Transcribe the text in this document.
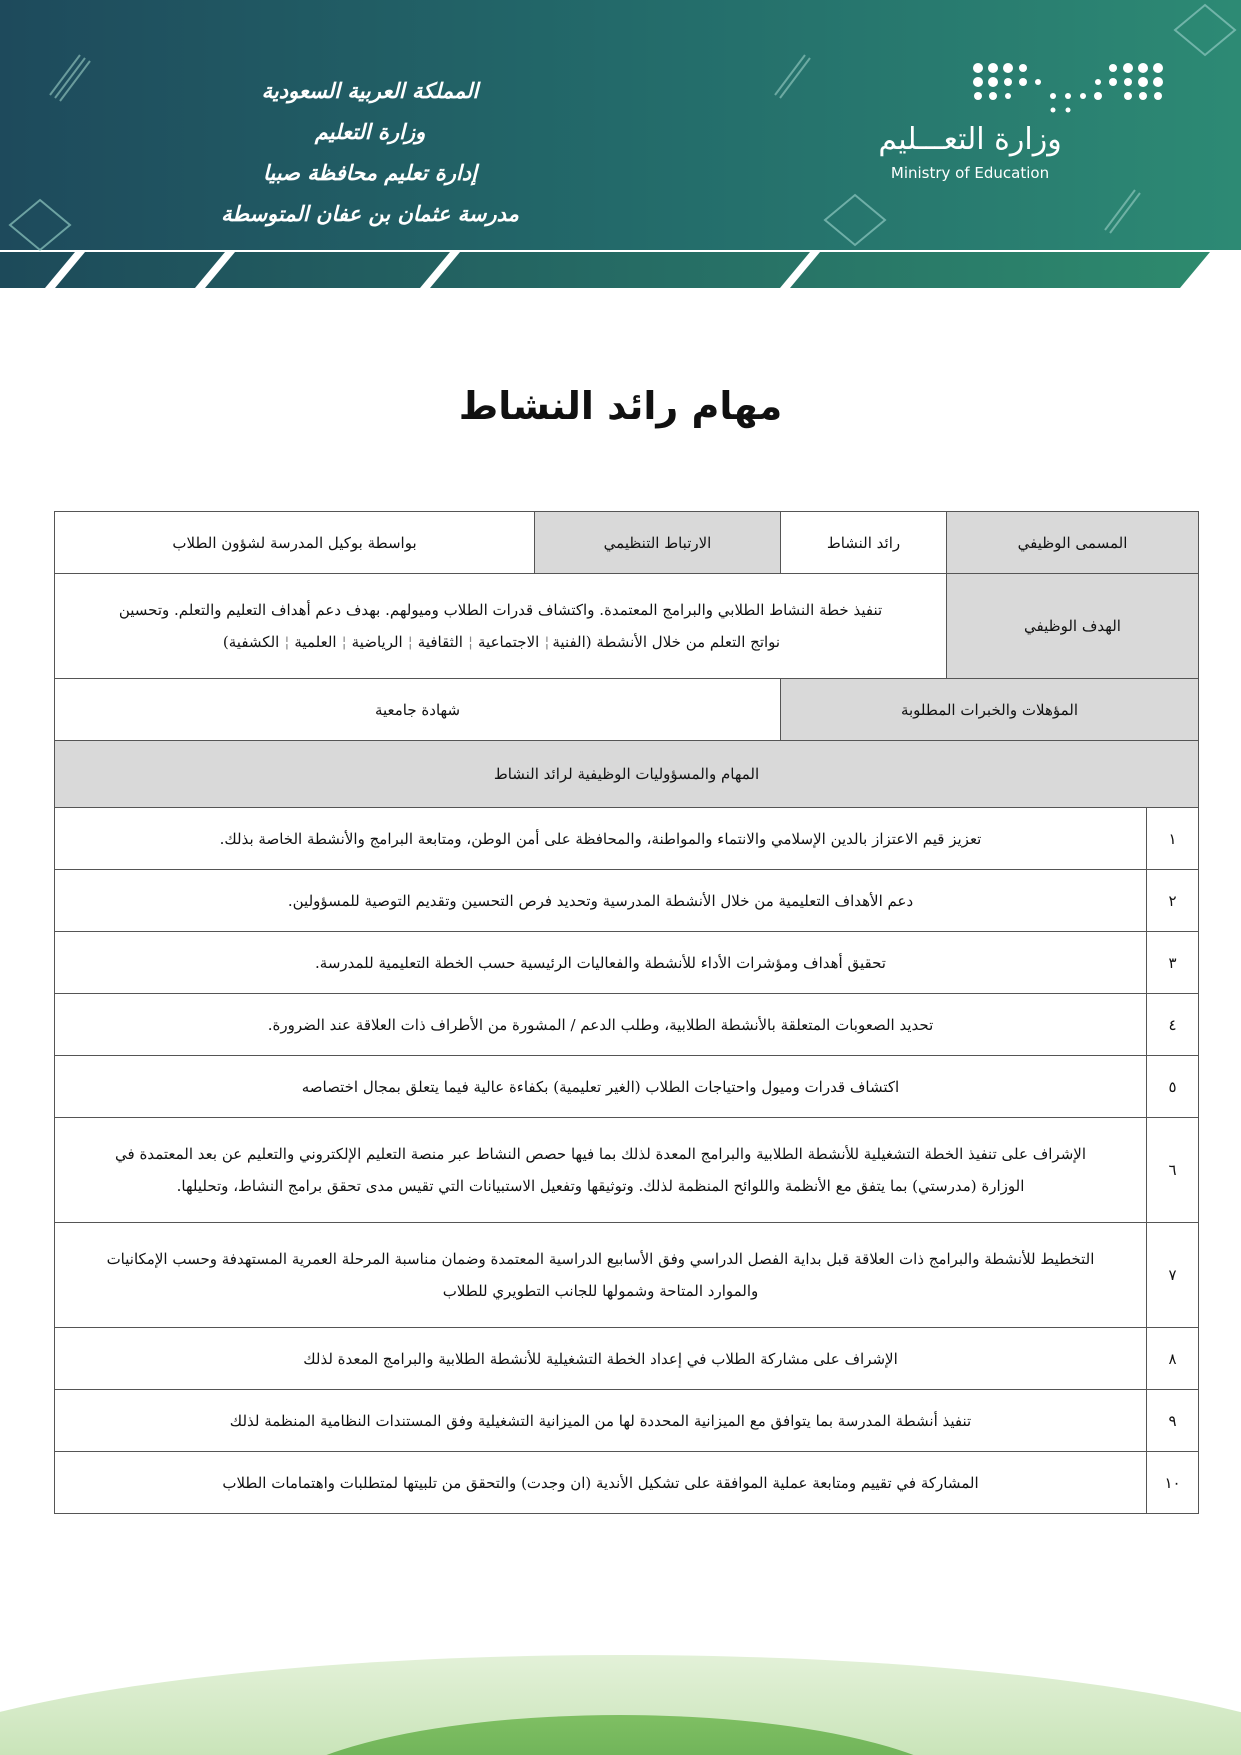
المملكة العربية السعودية
وزارة التعليم
إدارة تعليم محافظة صبيا
مدرسة عثمان بن عفان المتوسطة
وزارة التعـــليم
Ministry of Education
مهام رائد النشاط
المسمى الوظيفي		رائد النشاط	الارتباط التنظيمي	بواسطة بوكيل المدرسة لشؤون الطلاب
الهدف الوظيفي		تنفيذ خطة النشاط الطلابي والبرامج المعتمدة. واكتشاف قدرات الطلاب وميولهم. بهدف دعم أهداف التعليم والتعلم. وتحسين
نواتج التعلم من خلال الأنشطة (الفنية¦الاجتماعية¦الثقافية¦الرياضية¦العلمية¦الكشفية)		

المؤهلات والخبرات المطلوبة			شهادة جامعية	
المهام والمسؤوليات الوظيفية لرائد النشاط				
١	تعزيز قيم الاعتزاز بالدين الإسلامي والانتماء والمواطنة، والمحافظة على أمن الوطن، ومتابعة البرامج والأنشطة الخاصة بذلك.			
٢	دعم الأهداف التعليمية من خلال الأنشطة المدرسية وتحديد فرص التحسين وتقديم التوصية للمسؤولين.			
٣	تحقيق أهداف ومؤشرات الأداء للأنشطة والفعاليات الرئيسية حسب الخطة التعليمية للمدرسة.			
٤	تحديد الصعوبات المتعلقة بالأنشطة الطلابية، وطلب الدعم / المشورة من الأطراف ذات العلاقة عند الضرورة.			
٥	اكتشاف قدرات وميول واحتياجات الطلاب (الغير تعليمية) بكفاءة عالية فيما يتعلق بمجال اختصاصه			
٦	الإشراف على تنفيذ الخطة التشغيلية للأنشطة الطلابية والبرامج المعدة لذلك بما فيها حصص النشاط عبر منصة التعليم الإلكتروني والتعليم عن بعد المعتمدة في
الوزارة (مدرستي) بما يتفق مع الأنظمة واللوائح المنظمة لذلك. وتوثيقها وتفعيل الاستبيانات التي تقيس مدى تحقق برامج النشاط، وتحليلها.			

٧	التخطيط للأنشطة والبرامج ذات العلاقة قبل بداية الفصل الدراسي وفق الأسابيع الدراسية المعتمدة وضمان مناسبة المرحلة العمرية المستهدفة وحسب الإمكانيات
والموارد المتاحة وشمولها للجانب التطويري للطلاب			

٨	الإشراف على مشاركة الطلاب في إعداد الخطة التشغيلية للأنشطة الطلابية والبرامج المعدة لذلك			
٩	تنفيذ أنشطة المدرسة بما يتوافق مع الميزانية المحددة لها من الميزانية التشغيلية وفق المستندات النظامية المنظمة لذلك			
١٠	المشاركة في تقييم ومتابعة عملية الموافقة على تشكيل الأندية (ان وجدت) والتحقق من تلبيتها لمتطلبات واهتمامات الطلاب			
